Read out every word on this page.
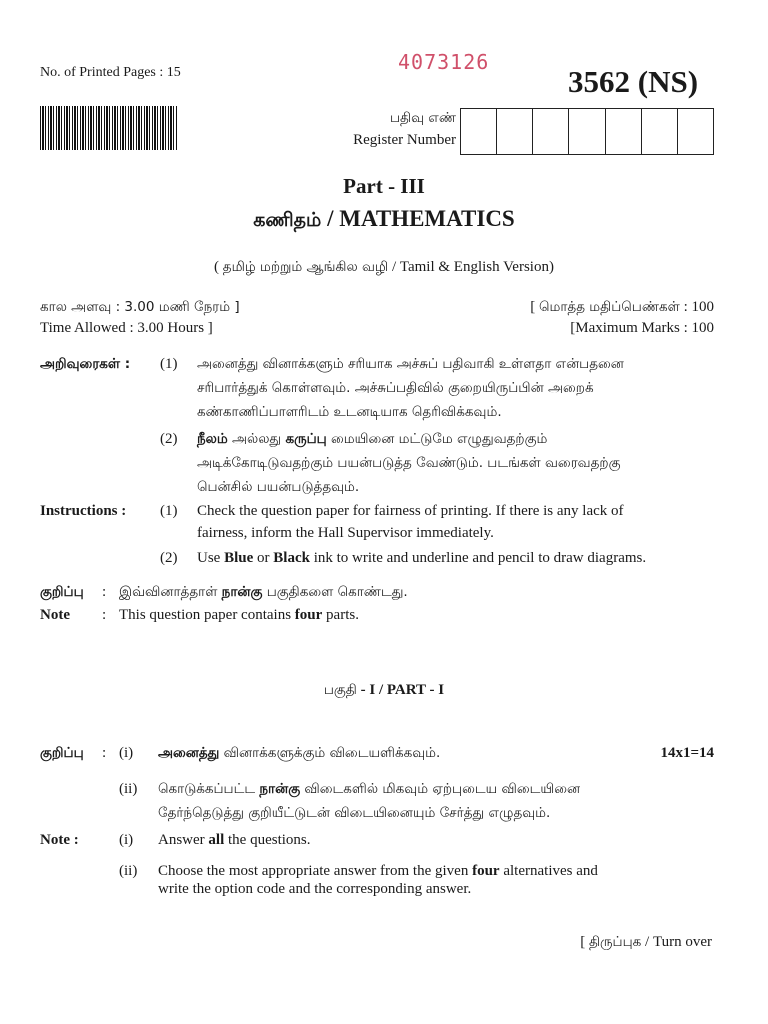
No. of Printed Pages : 15	4073126
3562 (NS)
பதிவு எண்
Register Number
Part - III
கணிதம் / MATHEMATICS
( தமிழ் மற்றும் ஆங்கில வழி / Tamil & English Version)
கால அளவு : 3.00 மணி நேரம் ]
Time Allowed : 3.00 Hours ]
[ மொத்த மதிப்பெண்கள் : 100
[Maximum Marks : 100
அறிவுரைகள் : (1) அனைத்து வினாக்களும் சரியாக அச்சுப் பதிவாகி உள்ளதா என்பதனை
சரிபார்த்துக் கொள்ளவும். அச்சுப்பதிவில் குறையிருப்பின் அறைக்
கண்காணிப்பாளரிடம் உடனடியாக தெரிவிக்கவும்.
(2) நீலம் அல்லது கருப்பு மையினை மட்டுமே எழுதுவதற்கும்
அடிக்கோடிடுவதற்கும் பயன்படுத்த வேண்டும். படங்கள் வரைவதற்கு
பென்சில் பயன்படுத்தவும்.
Instructions : (1) Check the question paper for fairness of printing. If there is any lack of
fairness, inform the Hall Supervisor immediately.
(2) Use Blue or Black ink to write and underline and pencil to draw diagrams.
குறிப்பு : இவ்வினாத்தாள் நான்கு பகுதிகளை கொண்டது.
Note : This question paper contains four parts.
பகுதி - I / PART - I
குறிப்பு : (i) அனைத்து வினாக்களுக்கும் விடையளிக்கவும்.	14x1=14
(ii) கொடுக்கப்பட்ட நான்கு விடைகளில் மிகவும் ஏற்புடைய விடையினை
தேர்ந்தெடுத்து குறியீட்டுடன் விடையினையும் சேர்த்து எழுதவும்.
Note :	(i) Answer all the questions.
(ii) Choose the most appropriate answer from the given four alternatives and
write the option code and the corresponding answer.
[ திருப்புக / Turn over
